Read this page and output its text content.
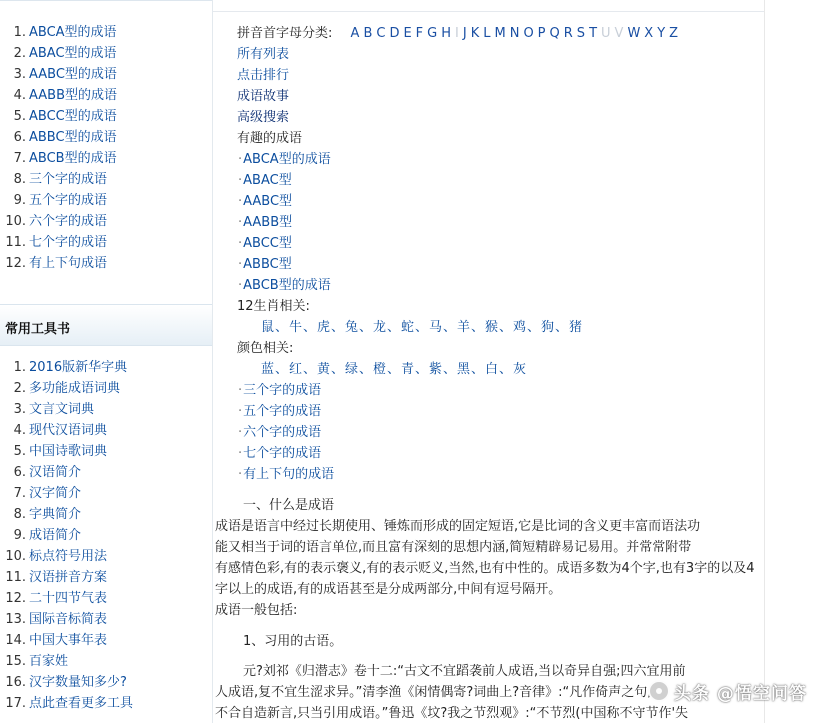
1. ABCA型的成语
2. ABAC型的成语
3. AABC型的成语
4. AABB型的成语
5. ABCC型的成语
6. ABBC型的成语
7. ABCB型的成语
8. 三个字的成语
9. 五个字的成语
10. 六个字的成语
11. 七个字的成语
12. 有上下句成语
常用工具书
1. 2016版新华字典
2. 多功能成语词典
3. 文言文词典
4. 现代汉语词典
5. 中国诗歌词典
6. 汉语简介
7. 汉字简介
8. 字典简介
9. 成语简介
10. 标点符号用法
11. 汉语拼音方案
12. 二十四节气表
13. 国际音标简表
14. 中国大事年表
15. 百家姓
16. 汉字数量知多少?
17. 点此查看更多工具
拼音首字母分类: A B C D E F G H I J K L M N O P Q R S T U V W X Y Z
所有列表
点击排行
成语故事
高级搜索
有趣的成语
·ABCA型的成语
·ABAC型
·AABC型
·AABB型
·ABCC型
·ABBC型
·ABCB型的成语
12生肖相关:
鼠、牛、虎、兔、龙、蛇、马、羊、猴、鸡、狗、猪
颜色相关:
蓝、红、黄、绿、橙、青、紫、黑、白、灰
·三个字的成语
·五个字的成语
·六个字的成语
·七个字的成语
·有上下句的成语
一、什么是成语
成语是语言中经过长期使用、锤炼而形成的固定短语,它是比词的含义更丰富而语法功
能又相当于词的语言单位,而且富有深刻的思想内涵,简短精辟易记易用。并常常附带
有感情色彩,有的表示褒义,有的表示贬义,当然,也有中性的。成语多数为4个字,也有3字的以及4
字以上的成语,有的成语甚至是分成两部分,中间有逗号隔开。
成语一般包括:
1、习用的古语。
元?刘祁《归潜志》卷十二:“古文不宜蹈袭前人成语,当以奇异自强;四六宜用前
人成语,复不宜生涩求异。”清李渔《闲情偶寄?词曲上?音律》:“凡作倚声之句,
不合自造新言,只当引用成语。”鲁迅《坟?我之节烈观》:“不节烈(中国称不守节作'失
头条 @悟空问答
